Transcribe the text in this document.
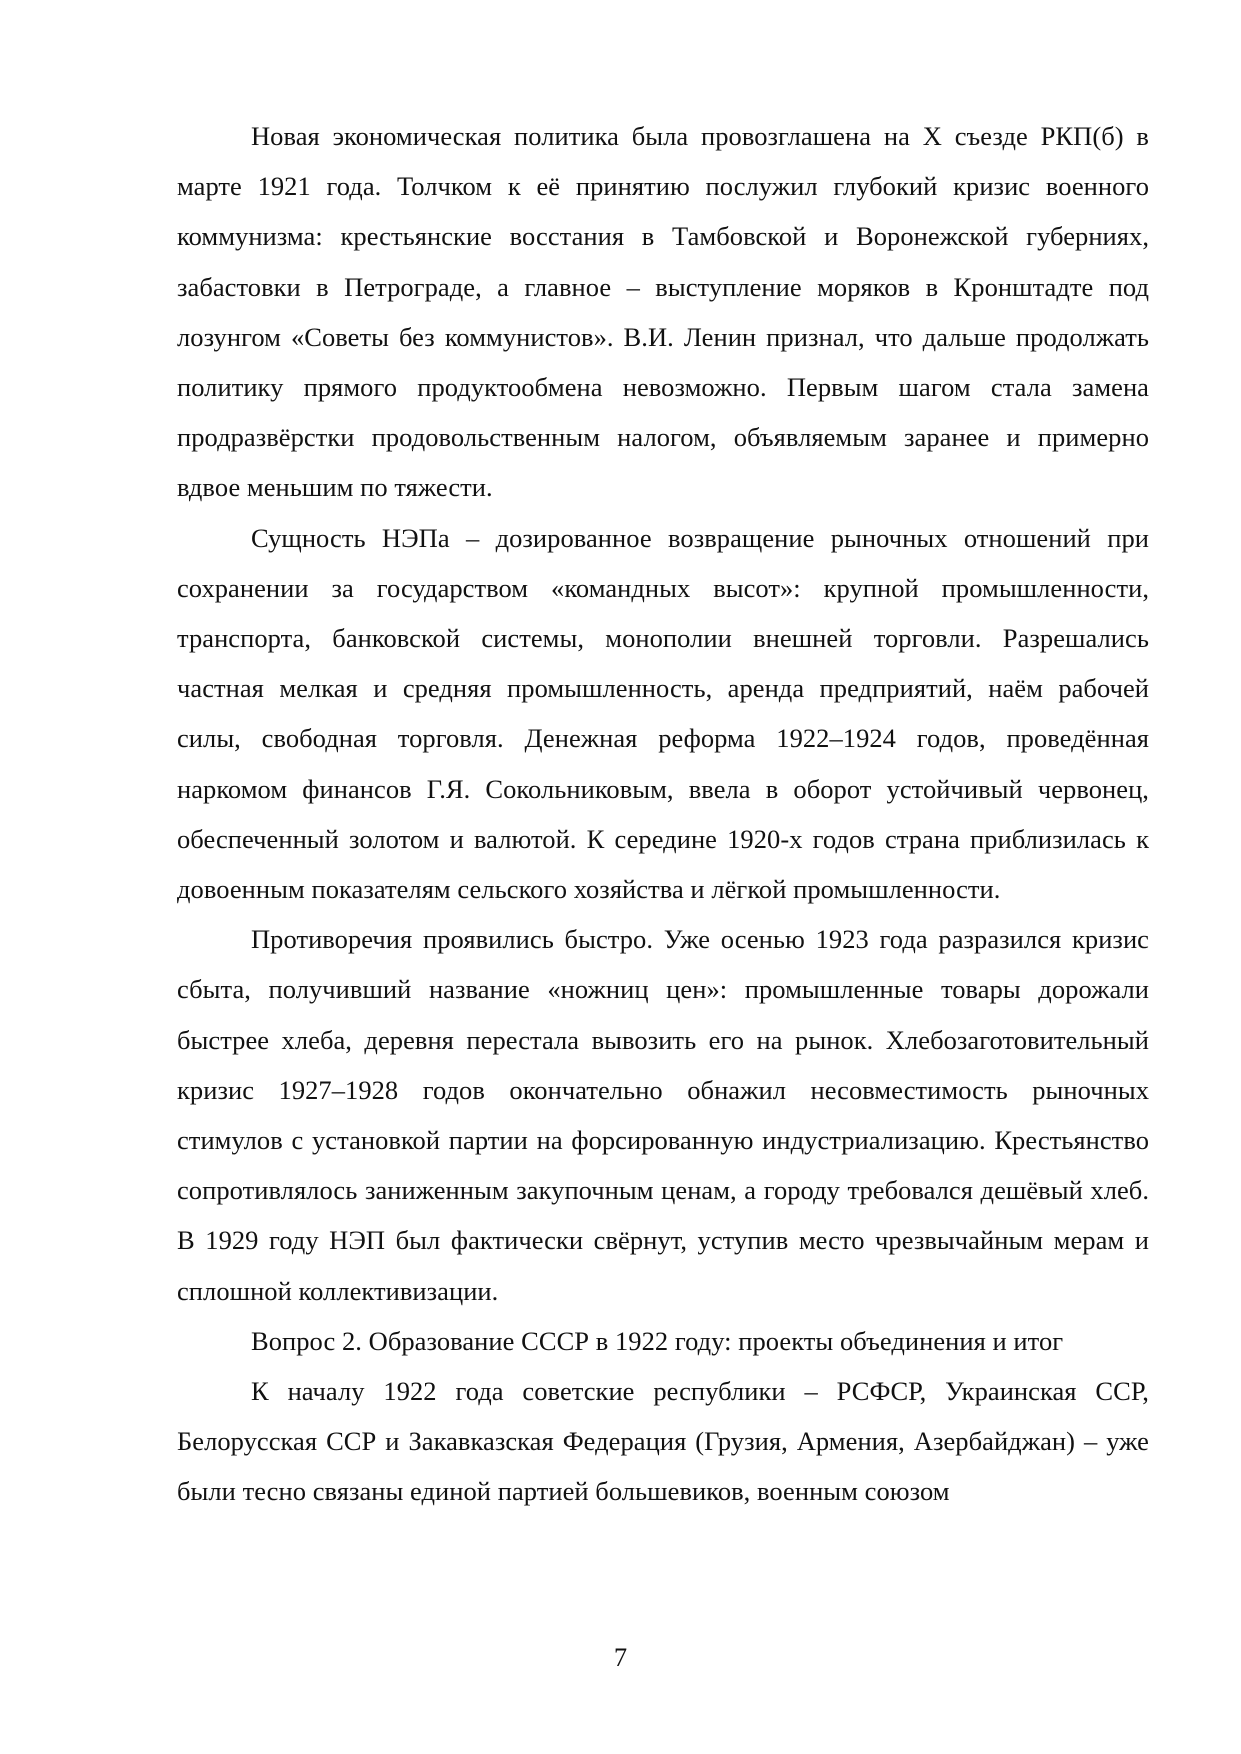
Новая экономическая политика была провозглашена на X съезде РКП(б) в марте 1921 года. Толчком к её принятию послужил глубокий кризис военного коммунизма: крестьянские восстания в Тамбовской и Воронежской губерниях, забастовки в Петрограде, а главное – выступление моряков в Кронштадте под лозунгом «Советы без коммунистов». В.И. Ленин признал, что дальше продолжать политику прямого продуктообмена невозможно. Первым шагом стала замена продразвёрстки продовольственным налогом, объявляемым заранее и примерно вдвое меньшим по тяжести.

Сущность НЭПа – дозированное возвращение рыночных отношений при сохранении за государством «командных высот»: крупной промышленности, транспорта, банковской системы, монополии внешней торговли. Разрешались частная мелкая и средняя промышленность, аренда предприятий, наём рабочей силы, свободная торговля. Денежная реформа 1922–1924 годов, проведённая наркомом финансов Г.Я. Сокольниковым, ввела в оборот устойчивый червонец, обеспеченный золотом и валютой. К середине 1920-х годов страна приблизилась к довоенным показателям сельского хозяйства и лёгкой промышленности.

Противоречия проявились быстро. Уже осенью 1923 года разразился кризис сбыта, получивший название «ножниц цен»: промышленные товары дорожали быстрее хлеба, деревня перестала вывозить его на рынок. Хлебозаготовительный кризис 1927–1928 годов окончательно обнажил несовместимость рыночных стимулов с установкой партии на форсированную индустриализацию. Крестьянство сопротивлялось заниженным закупочным ценам, а городу требовался дешёвый хлеб. В 1929 году НЭП был фактически свёрнут, уступив место чрезвычайным мерам и сплошной коллективизации.

Вопрос 2. Образование СССР в 1922 году: проекты объединения и итог

К началу 1922 года советские республики – РСФСР, Украинская ССР, Белорусская ССР и Закавказская Федерация (Грузия, Армения, Азербайджан) – уже были тесно связаны единой партией большевиков, военным союзом

7
